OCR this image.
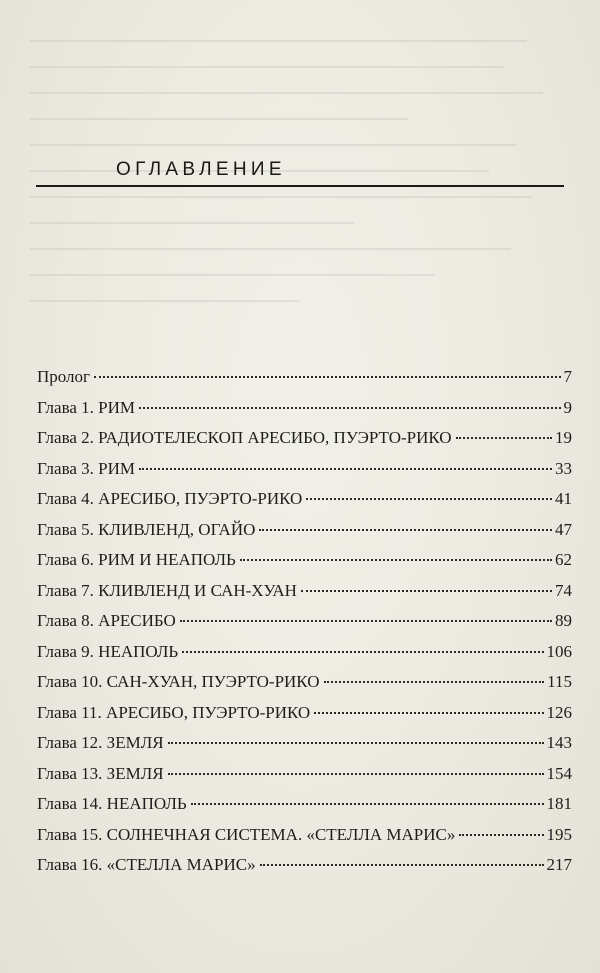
ОГЛАВЛЕНИЕ
Пролог	7
Глава 1. РИМ	9
Глава 2. РАДИОТЕЛЕСКОП АРЕСИБО, ПУЭРТО-РИКО	19
Глава 3. РИМ	33
Глава 4. АРЕСИБО, ПУЭРТО-РИКО	41
Глава 5. КЛИВЛЕНД, ОГАЙО	47
Глава 6. РИМ И НЕАПОЛЬ	62
Глава 7. КЛИВЛЕНД И САН-ХУАН	74
Глава 8. АРЕСИБО	89
Глава 9. НЕАПОЛЬ	106
Глава 10. САН-ХУАН, ПУЭРТО-РИКО	115
Глава 11. АРЕСИБО, ПУЭРТО-РИКО	126
Глава 12. ЗЕМЛЯ	143
Глава 13. ЗЕМЛЯ	154
Глава 14. НЕАПОЛЬ	181
Глава 15. СОЛНЕЧНАЯ СИСТЕМА. «СТЕЛЛА МАРИС»	195
Глава 16. «СТЕЛЛА МАРИС»	217
